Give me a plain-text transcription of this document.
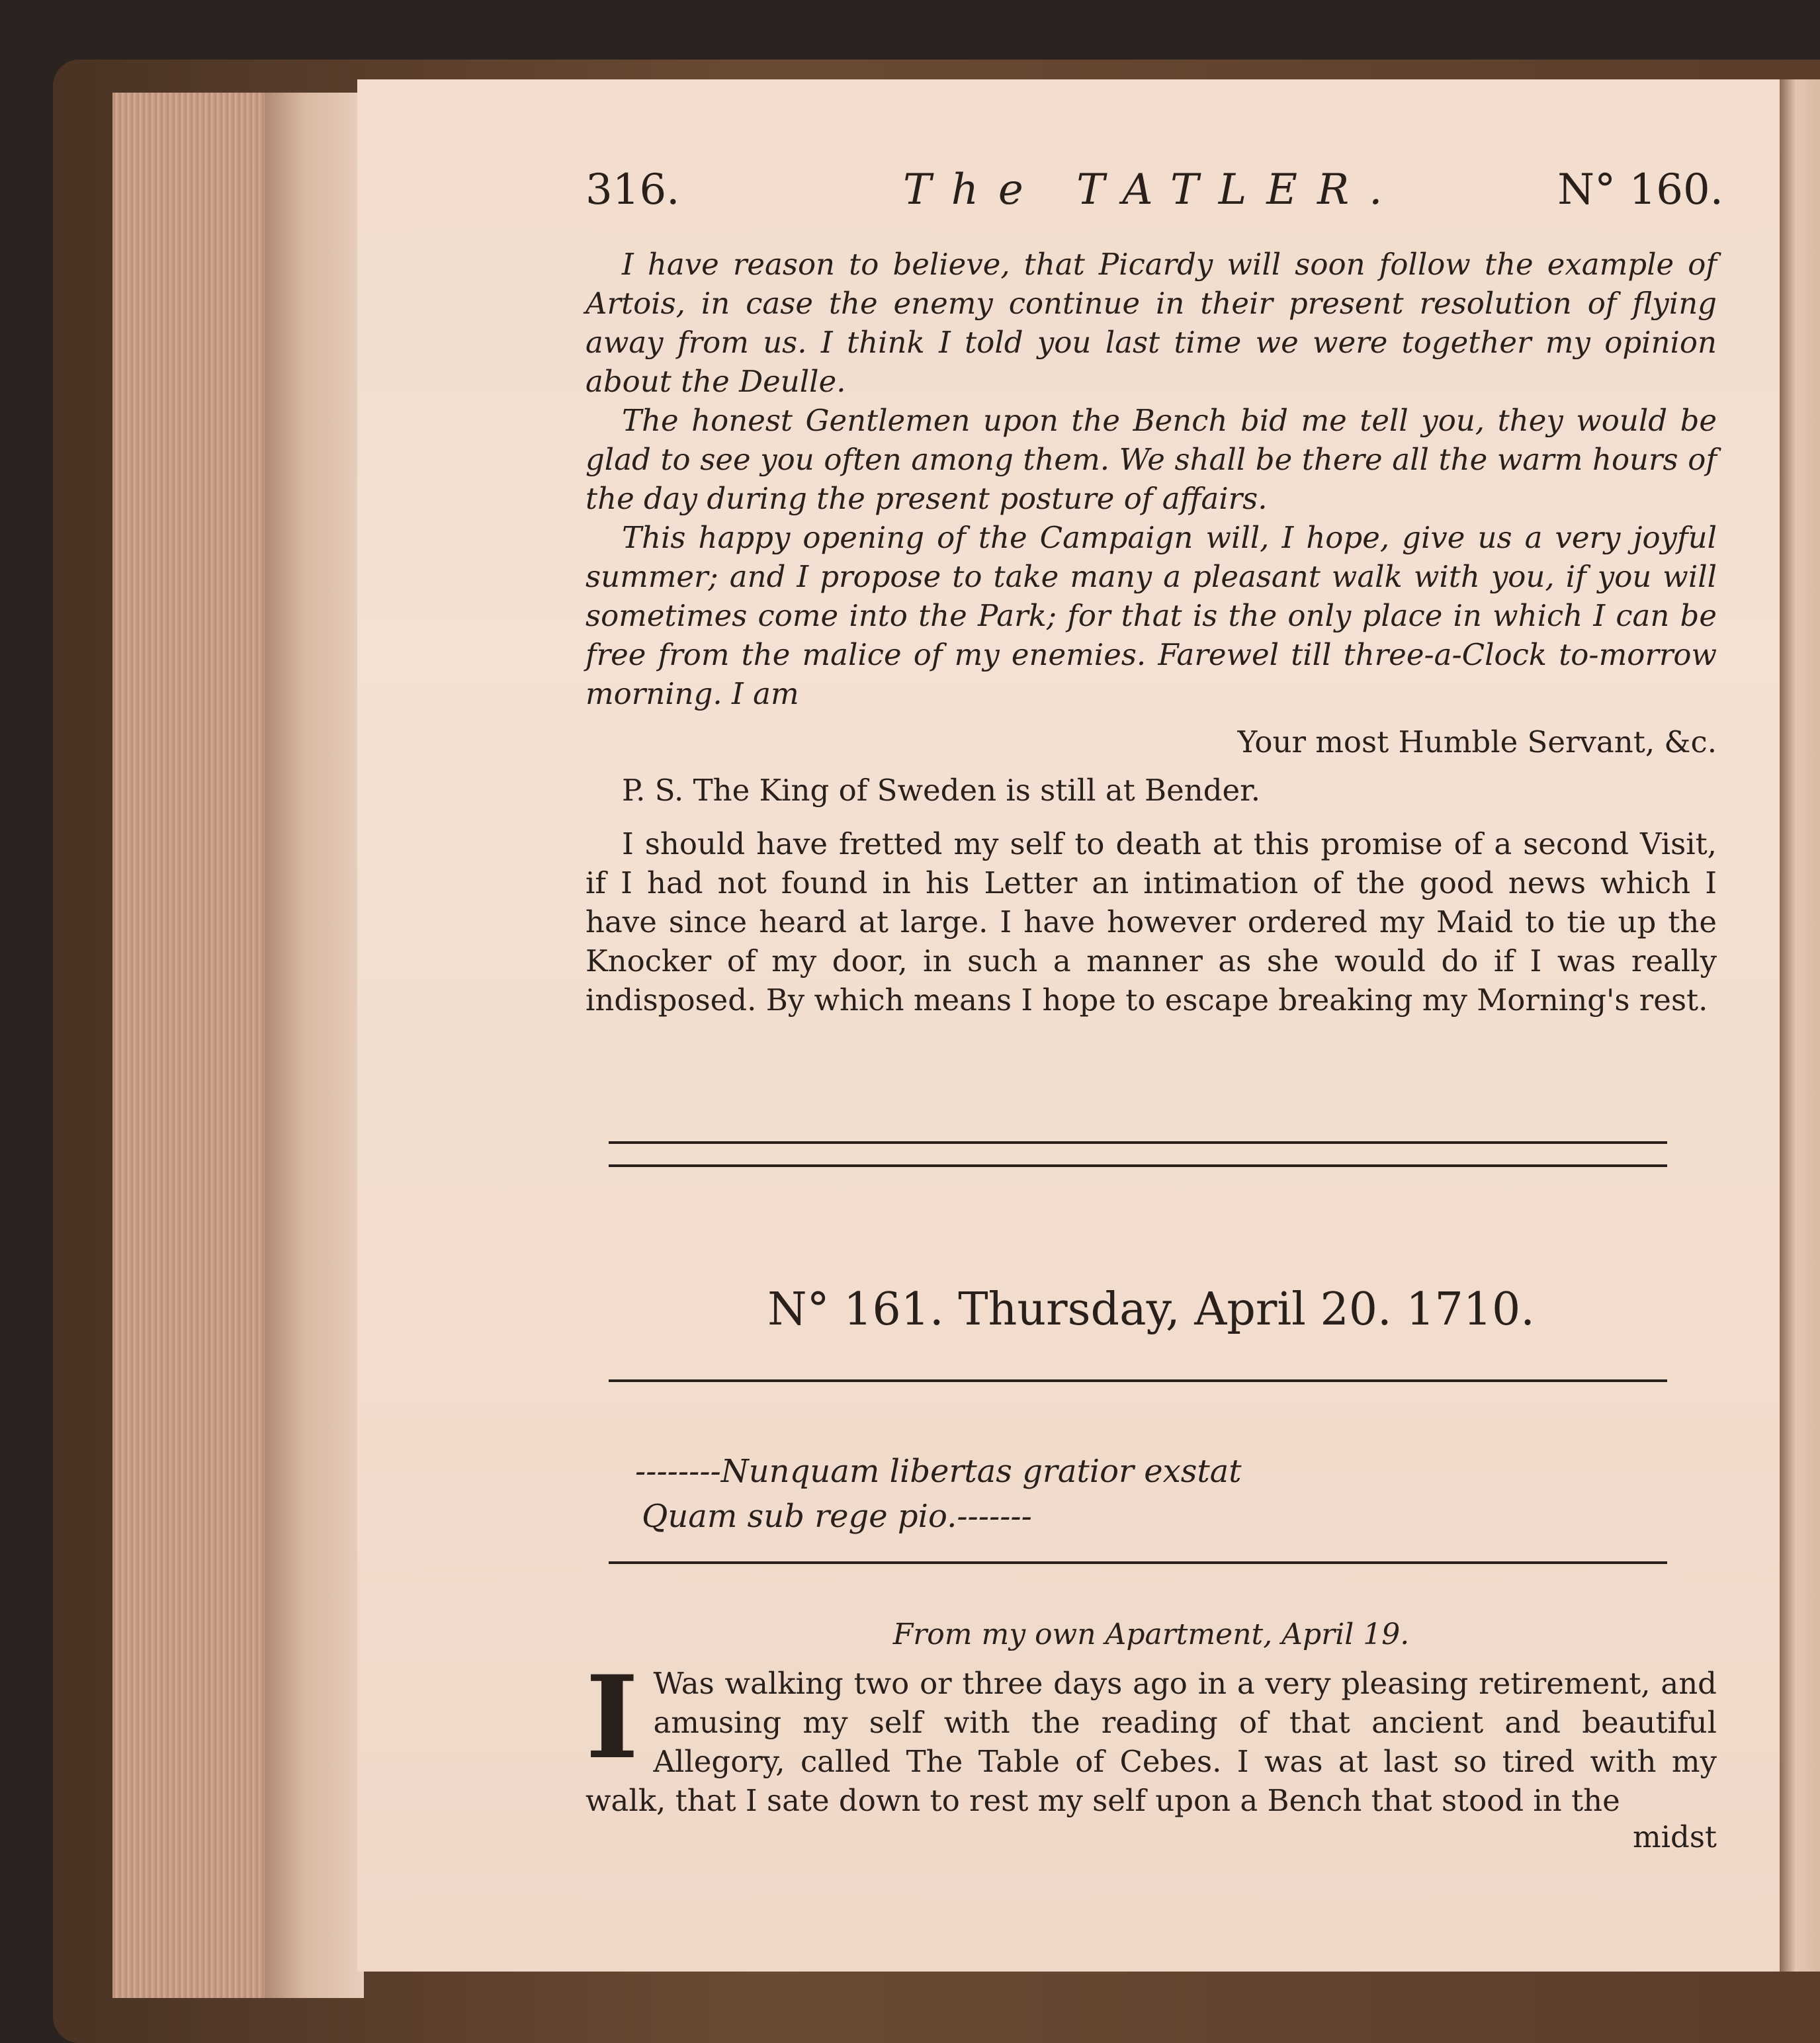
316.	The TATLER.	N° 160.

I have reason to believe, that Picardy will soon follow the example of Artois, in case the enemy continue in their present resolution of flying away from us. I think I told you last time we were together my opinion about the Deulle.

The honest Gentlemen upon the Bench bid me tell you, they would be glad to see you often among them. We shall be there all the warm hours of the day during the present posture of affairs.

This happy opening of the Campaign will, I hope, give us a very joyful summer; and I propose to take many a pleasant walk with you, if you will sometimes come into the Park; for that is the only place in which I can be free from the malice of my enemies. Farewel till three-a-Clock to-morrow morning. I am

Your most Humble Servant, &c.

P. S. The King of Sweden is still at Bender.

I should have fretted my self to death at this promise of a second Visit, if I had not found in his Letter an intimation of the good news which I have since heard at large. I have however ordered my Maid to tie up the Knocker of my door, in such a manner as she would do if I was really indisposed. By which means I hope to escape breaking my Morning's rest.

N° 161. Thursday, April 20. 1710.
--------Nunquam libertas gratior exstat
Quam sub rege pio.-------
From my own Apartment, April 19.
I Was walking two or three days ago in a very pleasing retirement, and amusing my self with the reading of that ancient and beautiful Allegory, called The Table of Cebes. I was at last so tired with my walk, that I sate down to rest my self upon a Bench that stood in the

midst
